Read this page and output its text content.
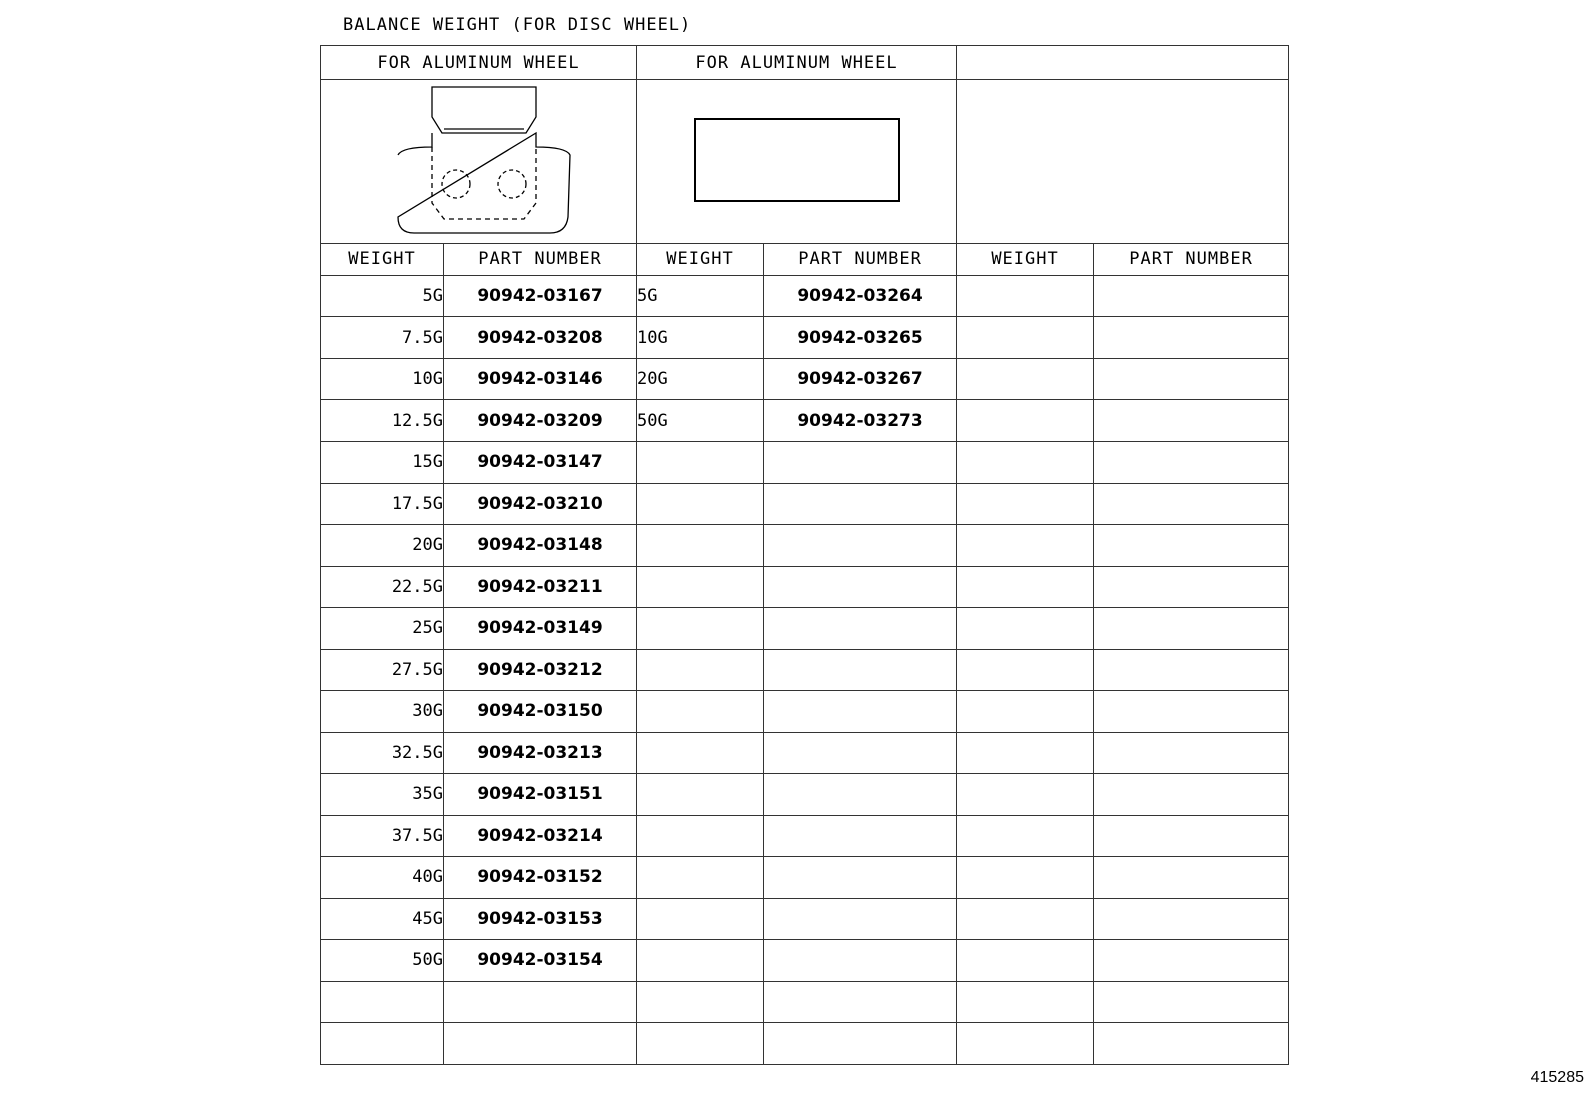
BALANCE WEIGHT (FOR DISC WHEEL)
FOR ALUMINUM WHEEL		FOR ALUMINUM WHEEL			

WEIGHT	PART NUMBER	WEIGHT	PART NUMBER	WEIGHT	PART NUMBER
5G	90942-03167	5G	90942-03264		
7.5G	90942-03208	10G	90942-03265		
10G	90942-03146	20G	90942-03267		
12.5G	90942-03209	50G	90942-03273		
15G	90942-03147				
17.5G	90942-03210				
20G	90942-03148				
22.5G	90942-03211				
25G	90942-03149				
27.5G	90942-03212				
30G	90942-03150				
32.5G	90942-03213				
35G	90942-03151				
37.5G	90942-03214				
40G	90942-03152				
45G	90942-03153				
50G	90942-03154				

415285
